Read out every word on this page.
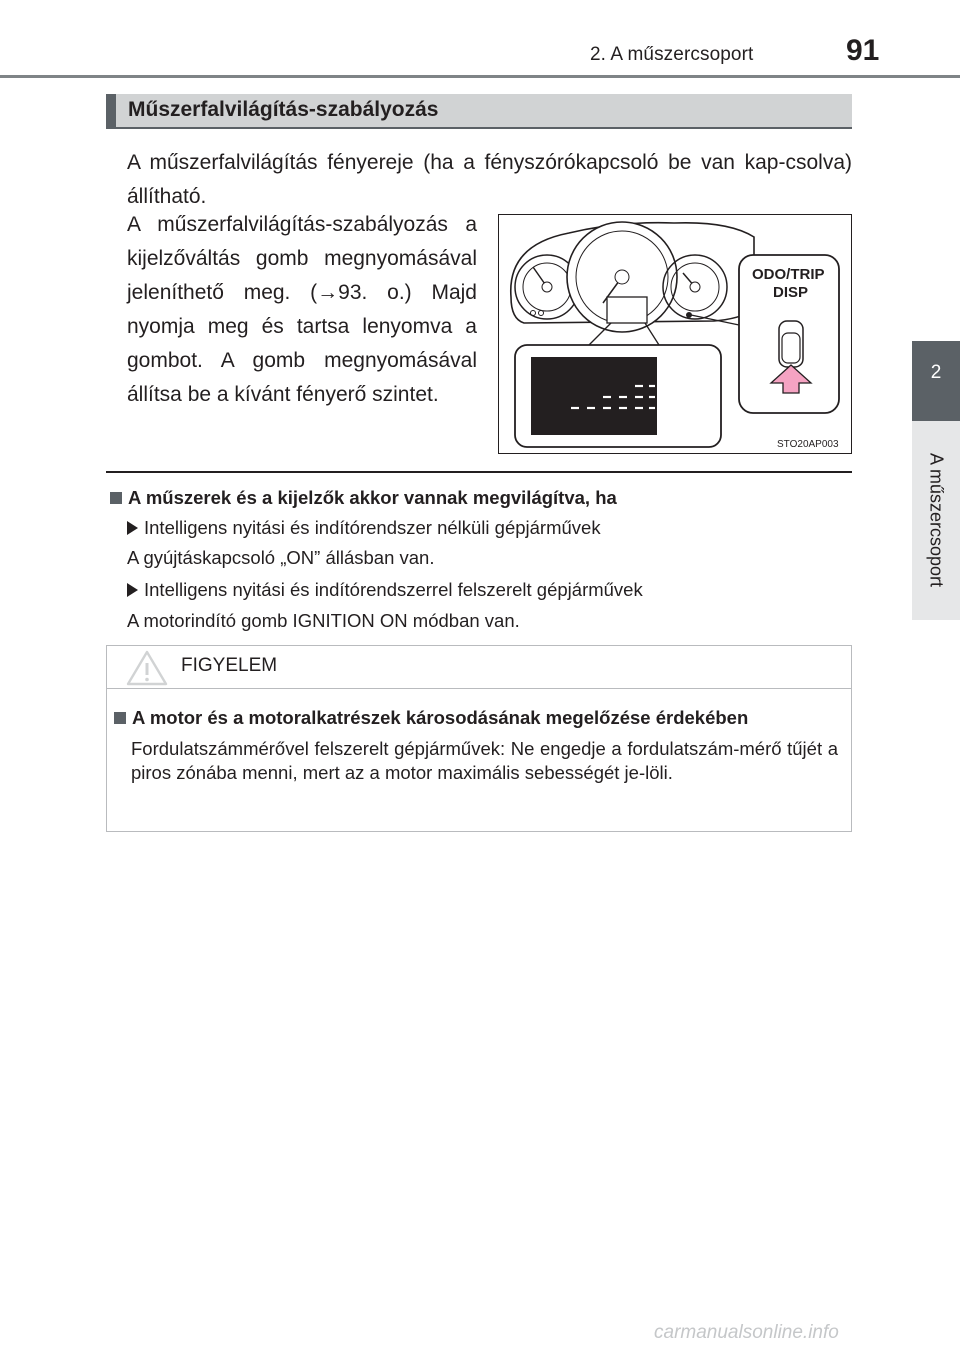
2. A műszercsoport	91
2
A műszercsoport
Műszerfalvilágítás-szabályozás
A műszerfalvilágítás fényereje (ha a fényszórókapcsoló be van kap-csolva) állítható.
A műszerfalvilágítás-szabályozás a kijelzőváltás gomb megnyomásával jeleníthető meg. (→93. o.) Majd nyomja meg és tartsa lenyomva a gombot. A gomb megnyomásával állítsa be a kívánt fényerő szintet.
ODO/TRIP
DISP
STO20AP003
A műszerek és a kijelzők akkor vannak megvilágítva, ha
Intelligens nyitási és indítórendszer nélküli gépjárművek
A gyújtáskapcsoló „ON” állásban van.
Intelligens nyitási és indítórendszerrel felszerelt gépjárművek
A motorindító gomb IGNITION ON módban van.
FIGYELEM
A motor és a motoralkatrészek károsodásának megelőzése érdekében
Fordulatszámmérővel felszerelt gépjárművek: Ne engedje a fordulatszám-mérő tűjét a piros zónába menni, mert az a motor maximális sebességét je-löli.
carmanualsonline.info
